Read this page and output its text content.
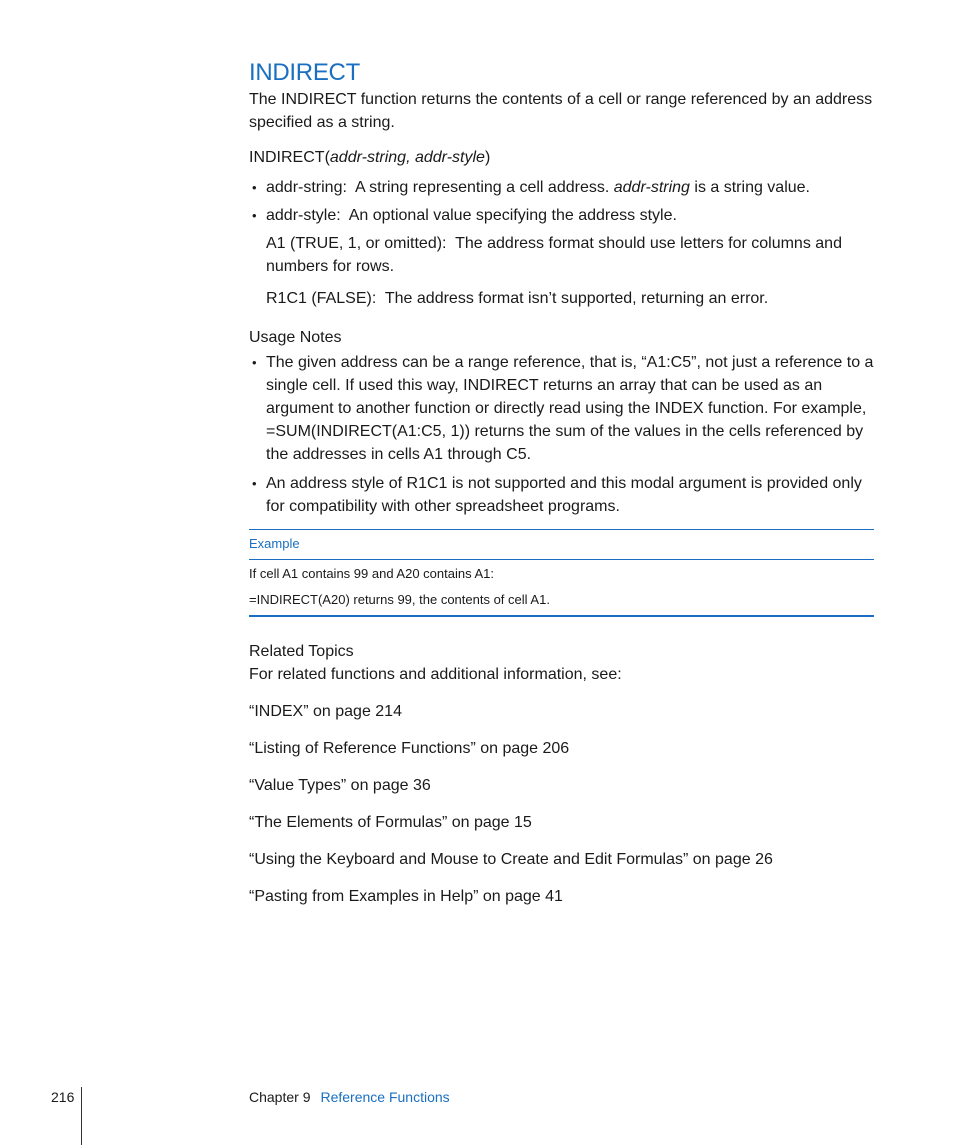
INDIRECT

The INDIRECT function returns the contents of a cell or range referenced by an address specified as a string.

INDIRECT(addr-string, addr-style)

• addr-string: A string representing a cell address. addr-string is a string value.
• addr-style: An optional value specifying the address style.

A1 (TRUE, 1, or omitted): The address format should use letters for columns and numbers for rows.

R1C1 (FALSE): The address format isn’t supported, returning an error.

Usage Notes

• The given address can be a range reference, that is, “A1:C5”, not just a reference to a single cell. If used this way, INDIRECT returns an array that can be used as an argument to another function or directly read using the INDEX function. For example, =SUM(INDIRECT(A1:C5, 1)) returns the sum of the values in the cells referenced by the addresses in cells A1 through C5.
• An address style of R1C1 is not supported and this modal argument is provided only for compatibility with other spreadsheet programs.
Example
If cell A1 contains 99 and A20 contains A1:
=INDIRECT(A20) returns 99, the contents of cell A1.

Related Topics

For related functions and additional information, see:

“INDEX” on page 214
“Listing of Reference Functions” on page 206
“Value Types” on page 36
“The Elements of Formulas” on page 15
“Using the Keyboard and Mouse to Create and Edit Formulas” on page 26
“Pasting from Examples in Help” on page 41
216	Chapter 9 Reference Functions
